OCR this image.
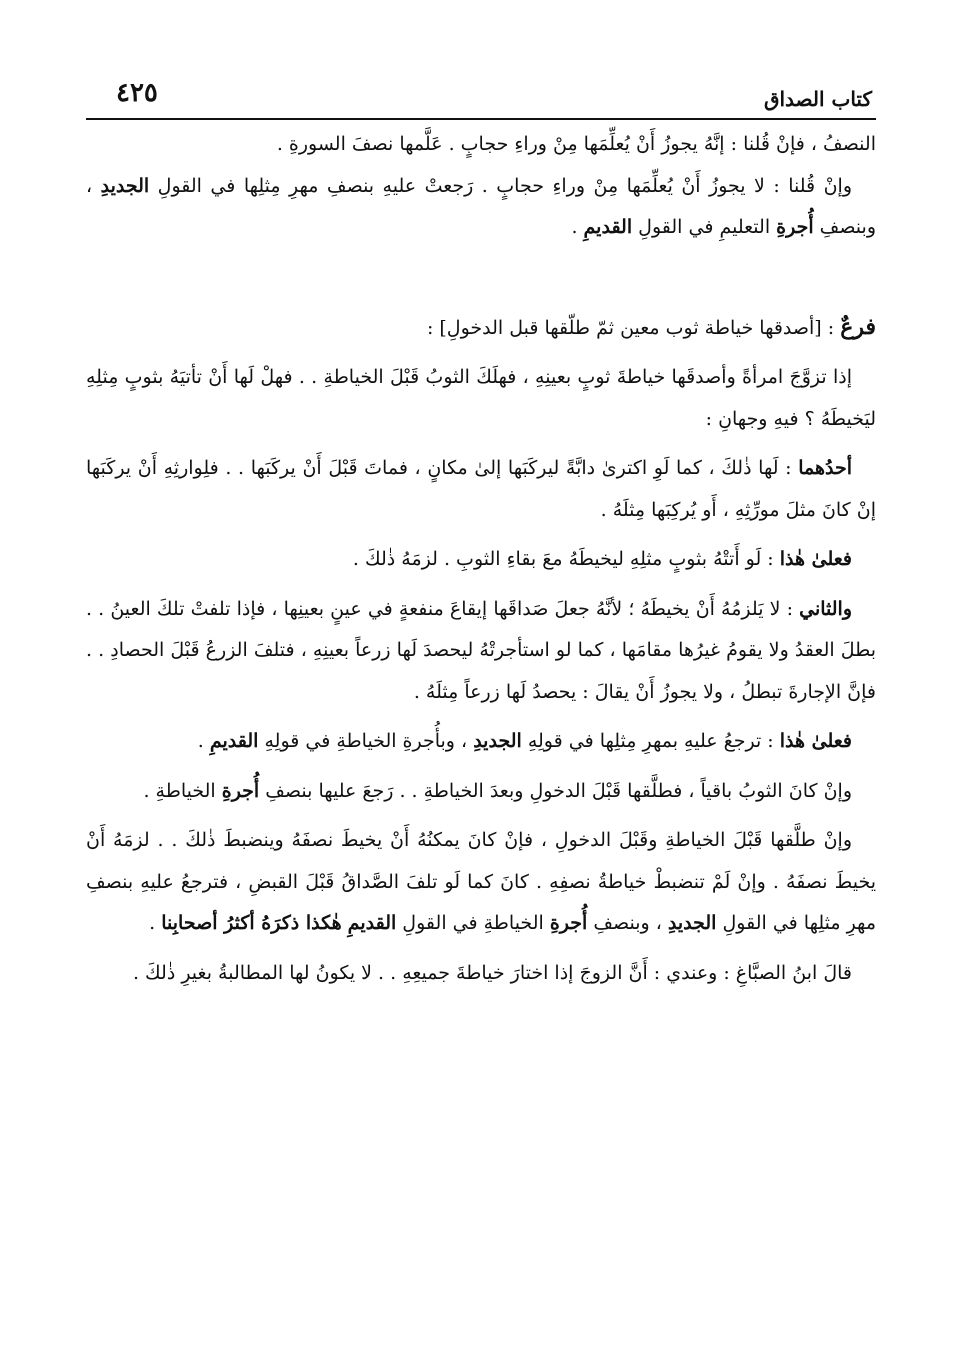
كتاب الصداق
٤٢٥

النصفُ ، فإنْ قُلنا : إنَّهُ يجوزُ أَنْ يُعلِّمَها مِنْ وراءِ حجابٍ . عَلَّمها نصفَ السورةِ .

وإنْ قُلنا : لا يجوزُ أَنْ يُعلِّمَها مِنْ وراءِ حجابٍ . رَجعتْ عليهِ بنصفِ مهرِ مِثلِها في القولِ الجديدِ ، وبنصفِ أُجرةِ التعليمِ في القولِ القديمِ .

فرعٌ : [أصدقها خياطة ثوب معين ثمّ طلّقها قبل الدخولِ] :

إذا تزوَّجَ امرأةً وأصدقَها خياطةَ ثوبٍ بعينِهِ ، فهلَكَ الثوبُ قَبْلَ الخياطةِ . . فهلْ لَها أَنْ تأتيَهُ بثوبٍ مِثلِهِ ليَخيطَهُ ؟ فيهِ وجهانِ :

أحدُهما : لَها ذٰلكَ ، كما لَوِ اكترىٰ دابَّةً ليركَبَها إلىٰ مكانٍ ، فماتَ قَبْلَ أَنْ يركَبَها . . فلِوارثِهِ أَنْ يركَبَها إنْ كانَ مثلَ مورِّثِهِ ، أَو يُركِبَها مِثلَهُ .

فعلىٰ هٰذا : لَو أَتتْهُ بثوبٍ مثلِهِ ليخيطَهُ معَ بقاءِ الثوبِ . لزمَهُ ذٰلكَ .

والثاني : لا يَلزمُهُ أَنْ يخيطَهُ ؛ لأنَّهُ جعلَ صَداقَها إيقاعَ منفعةٍ في عينٍ بعينِها ، فإذا تلفتْ تلكَ العينُ . . بطلَ العقدُ ولا يقومُ غيرُها مقامَها ، كما لو استأجرتْهُ ليحصدَ لَها زرعاً بعينِهِ ، فتلفَ الزرعُ قَبْلَ الحصادِ . . فإنَّ الإجارةَ تبطلُ ، ولا يجوزُ أَنْ يقالَ : يحصدُ لَها زرعاً مِثلَهُ .

فعلىٰ هٰذا : ترجعُ عليهِ بمهرِ مِثلِها في قولِهِ الجديدِ ، وبأُجرةِ الخياطةِ في قولِهِ القديمِ .

وإنْ كانَ الثوبُ باقياً ، فطلَّقها قَبْلَ الدخولِ وبعدَ الخياطةِ . . رَجعَ عليها بنصفِ أُجرةِ الخياطةِ .

وإنْ طلَّقها قَبْلَ الخياطةِ وقَبْلَ الدخولِ ، فإنْ كانَ يمكنُهُ أَنْ يخيطَ نصفَهُ وينضبطَ ذٰلكَ . . لزمَهُ أَنْ يخيطَ نصفَهُ . وإنْ لَمْ تنضبطْ خياطةُ نصفِهِ . كانَ كما لَو تلفَ الصَّداقُ قَبْلَ القبضِ ، فترجعُ عليهِ بنصفِ مهرِ مثلِها في القولِ الجديدِ ، وبنصفِ أُجرةِ الخياطةِ في القولِ القديمِ هٰكذا ذكرَهُ أكثرُ أصحابِنا .

قالَ ابنُ الصبَّاغِ : وعندي : أَنَّ الزوجَ إذا اختارَ خياطةَ جميعِهِ . . لا يكونُ لها المطالبةُ بغيرِ ذٰلكَ .
